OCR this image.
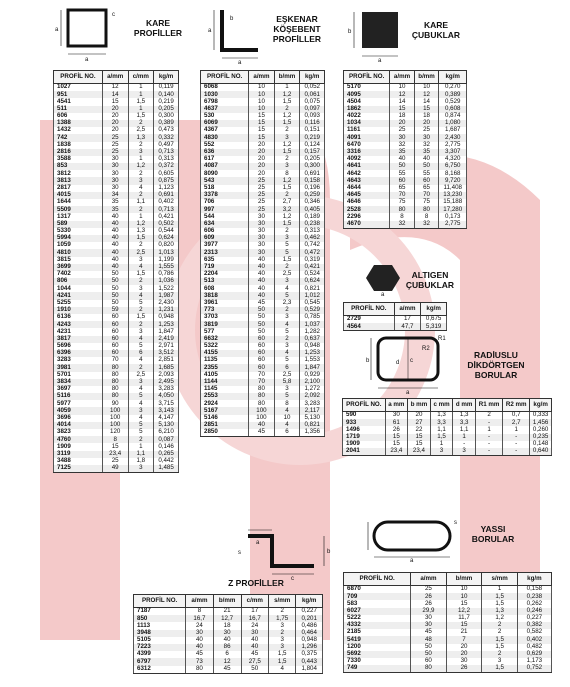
a
a
c
KARE PROFİLLER
a
a
b	EŞKENAR KÖŞEBENT PROFİLLER
a
b
KARE ÇUBUKLAR
a
ALTIGEN ÇUBUKLAR
a
b	c
d
R2
R1
RADİUSLU DİKDÖRTGEN BORULAR
a
s
YASSI BORULAR
a
c
b
s
Z PROFİLLER
PROFİL NO.	a/mm	c/mm	kg/m
1027	12	1	0,119
951	14	1	0,140
4541	15	1,5	0,219
511	20	1	0,205
606	20	1,5	0,300
1388	20	2	0,389
1432	20	2,5	0,473
742	25	1,3	0,332
1838	25	2	0,497
2816	25	3	0,713
3588	30	1	0,313
853	30	1,2	0,372
3812	30	2	0,605
3813	30	3	0,875
2817	30	4	1,123
4015	34	2	0,691
1644	35	1,1	0,402
5509	35	2	0,713
1317	40	1	0,421
589	40	1,2	0,502
5330	40	1,3	0,544
5994	40	1,5	0,624
1059	40	2	0,820
4810	40	2,5	1,013
3815	40	3	1,199
3699	40	4	1,555
7402	50	1,5	0,786
806	50	2	1,036
1044	50	3	1,522
4241	50	4	1,987
5255	50	5	2,430
1910	59	2	1,231
6136	60	1,5	0,948
4243	60	2	1,253
4231	60	3	1,847
3817	60	4	2,419
5696	60	5	2,971
6396	60	6	3,512
3283	70	4	2,851
3981	80	2	1,685
5701	80	2,5	2,093
3834	80	3	2,495
3697	80	4	3,283
5116	80	5	4,050
5977	90	4	3,715
4059	100	3	3,143
3696	100	4	4,147
4014	100	5	5,130
3823	120	5	6,210
4760	8	2	0,087
1909	15	1	0,146
3119	23,4	1,1	0,265
3488	25	1,8	0,442
7125	49	3	1,485
PROFİL NO.	a/mm	b/mm	kg/m
6068	10	1	0,052
1030	10	1,2	0,061
6798	10	1,5	0,075
4637	10	2	0,097
530	15	1,2	0,093
6069	15	1,5	0,116
4367	15	2	0,151
4830	15	3	0,219
552	20	1,2	0,124
636	20	1,5	0,157
617	20	2	0,205
4087	20	3	0,300
8090	20	8	0,691
543	25	1,2	0,158
518	25	1,5	0,196
3378	25	2	0,259
706	25	2,7	0,346
997	25	3,2	0,405
544	30	1,2	0,189
634	30	1,5	0,238
606	30	2	0,313
609	30	3	0,462
3977	30	5	0,742
2313	30	5	0,472
635	40	1,5	0,319
719	40	2	0,421
2204	40	2,5	0,524
513	40	3	0,624
608	40	4	0,821
3818	40	5	1,012
3961	45	2,3	0,545
773	50	2	0,529
3703	50	3	0,785
3819	50	4	1,037
577	50	5	1,282
6632	60	2	0,637
5322	60	3	0,948
4155	60	4	1,253
1135	60	5	1,553
2355	60	6	1,847
4105	70	2,5	0,929
1144	70	5,8	2,100
1145	80	3	1,272
2553	80	5	2,092
2924	80	8	3,283
5167	100	4	2,117
5146	100	10	5,130
2851	40	4	0,821
2850	45	6	1,356
PROFİL NO.	a/mm	b/mm	kg/m
5170	10	10	0,270
4095	12	12	0,389
4504	14	14	0,529
1862	15	15	0,608
4022	18	18	0,874
1034	20	20	1,080
1161	25	25	1,687
4091	30	30	2,430
6470	32	32	2,775
3316	35	35	3,307
4092	40	40	4,320
4641	50	50	6,750
4642	55	55	8,168
4643	60	60	9,720
4644	65	65	11,408
4645	70	70	13,230
4646	75	75	15,188
2528	80	80	17,280
2296	8	8	0,173
4670	32	32	2,775
PROFİL NO.	a/mm	kg/m
2729	17	0,675
4564	47,7	5,319
PROFİL NO.	a mm	b mm	c mm	d mm	R1 mm	R2 mm	kg/m
590	30	20	1,3	1,3	2	0,7	0,333
933	61	27	3,3	3,3	-	2,7	1,456
1496	26	22	1,1	1,1	1	1	0,260
1719	15	15	1,5	1	-	-	0,235
1909	15	15	1	-	-	-	0,148
2041	23,4	23,4	3	3	-	-	0,640
PROFİL NO.	a/mm	b/mm	s/mm	kg/m
6870	25	10	1	0,158
709	26	10	1,5	0,238
583	26	15	1,5	0,262
6027	29,9	12,2	1,3	0,246
5222	30	11,7	1,2	0,227
4332	30	15	2	0,382
2185	45	21	2	0,582
5419	48	7	1,5	0,402
1200	50	20	1,5	0,482
5692	50	20	2	0,629
7330	60	30	3	1,173
749	80	26	1,5	0,752
PROFİL NO.	a/mm	b/mm	c/mm	s/mm	kg/m
7187	8	21	17	2	0,227
850	16,7	12,7	16,7	1,75	0,201
1113	24	18	24	3	0,486
3948	30	30	30	2	0,464
5105	40	40	40	3	0,948
7223	40	86	40	3	1,296
4399	45	6	45	1,5	0,375
6797	73	12	27,5	1,5	0,443
6312	80	45	50	4	1,804
